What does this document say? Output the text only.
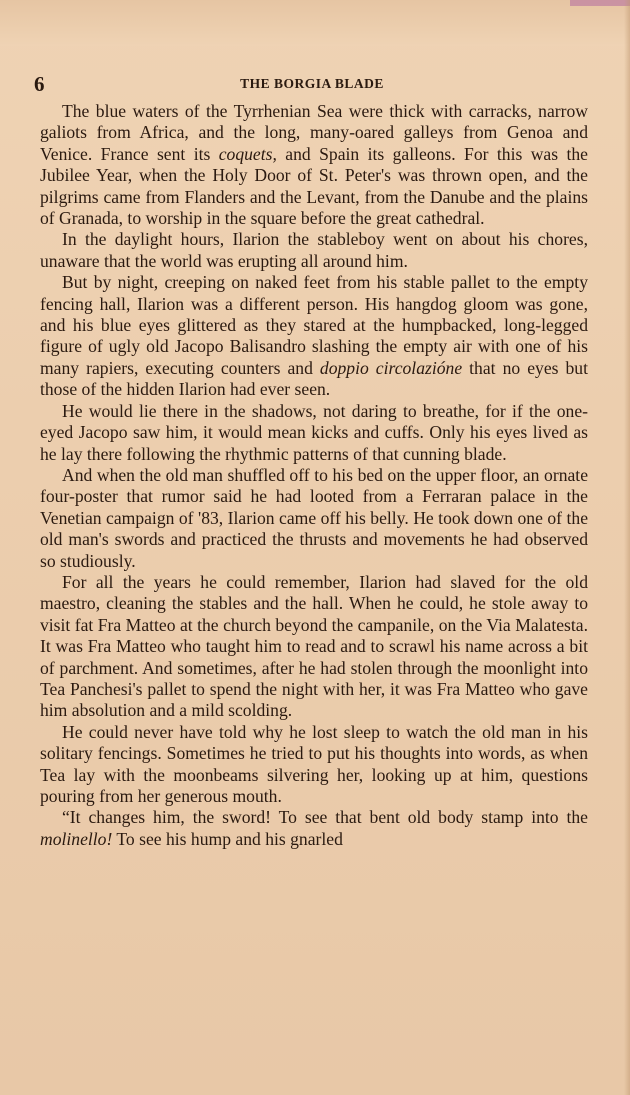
6	THE BORGIA BLADE

The blue waters of the Tyrrhenian Sea were thick with carracks, narrow galiots from Africa, and the long, many-oared galleys from Genoa and Venice. France sent its coquets, and Spain its galleons. For this was the Jubilee Year, when the Holy Door of St. Peter's was thrown open, and the pilgrims came from Flanders and the Levant, from the Danube and the plains of Granada, to worship in the square before the great cathedral.

In the daylight hours, Ilarion the stableboy went on about his chores, unaware that the world was erupting all around him.

But by night, creeping on naked feet from his stable pallet to the empty fencing hall, Ilarion was a different person. His hangdog gloom was gone, and his blue eyes glittered as they stared at the humpbacked, long-legged figure of ugly old Jacopo Balisandro slashing the empty air with one of his many rapiers, executing counters and doppio circolazióne that no eyes but those of the hidden Ilarion had ever seen.

He would lie there in the shadows, not daring to breathe, for if the one-eyed Jacopo saw him, it would mean kicks and cuffs. Only his eyes lived as he lay there following the rhythmic patterns of that cunning blade.

And when the old man shuffled off to his bed on the upper floor, an ornate four-poster that rumor said he had looted from a Ferraran palace in the Venetian campaign of '83, Ilarion came off his belly. He took down one of the old man's swords and practiced the thrusts and movements he had observed so studiously.

For all the years he could remember, Ilarion had slaved for the old maestro, cleaning the stables and the hall. When he could, he stole away to visit fat Fra Matteo at the church beyond the campanile, on the Via Malatesta. It was Fra Matteo who taught him to read and to scrawl his name across a bit of parchment. And sometimes, after he had stolen through the moonlight into Tea Panchesi's pallet to spend the night with her, it was Fra Matteo who gave him absolution and a mild scolding.

He could never have told why he lost sleep to watch the old man in his solitary fencings. Sometimes he tried to put his thoughts into words, as when Tea lay with the moonbeams silvering her, looking up at him, questions pouring from her generous mouth.

“It changes him, the sword! To see that bent old body stamp into the molinello! To see his hump and his gnarled
